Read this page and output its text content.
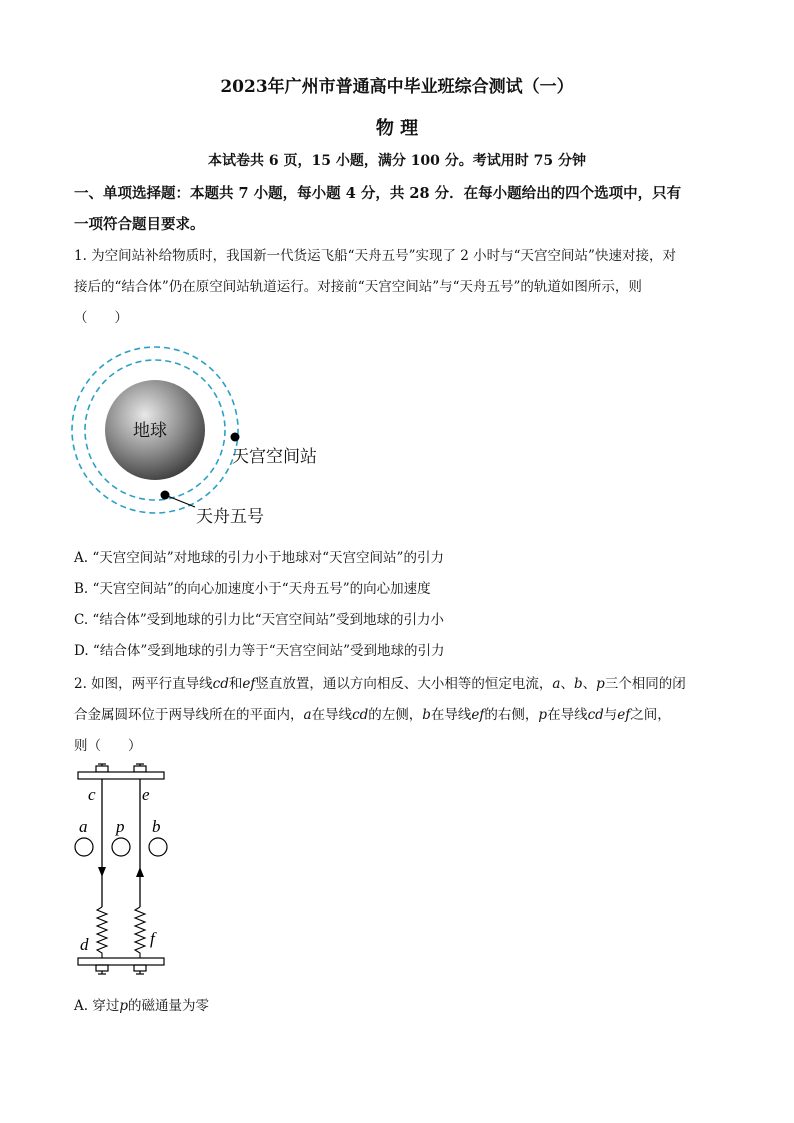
2023年广州市普通高中毕业班综合测试（一）
物 理
本试卷共 6 页，15 小题，满分 100 分。考试用时 75 分钟
一、单项选择题：本题共 7 小题，每小题 4 分，共 28 分．在每小题给出的四个选项中，只有
一项符合题目要求。
1. 为空间站补给物质时，我国新一代货运飞船“天舟五号”实现了 2 小时与“天宫空间站”快速对接，对
接后的“结合体”仍在原空间站轨道运行。对接前“天宫空间站”与“天舟五号”的轨道如图所示，则
（　　）
地球
天宫空间站
天舟五号
A. “天宫空间站”对地球的引力小于地球对“天宫空间站”的引力
B. “天宫空间站”的向心加速度小于“天舟五号”的向心加速度
C. “结合体”受到地球的引力比“天宫空间站”受到地球的引力小
D. “结合体”受到地球的引力等于“天宫空间站”受到地球的引力
2. 如图，两平行直导线cd和ef竖直放置，通以方向相反、大小相等的恒定电流，a、b、p三个相同的闭
合金属圆环位于两导线所在的平面内，a在导线cd的左侧，b在导线ef的右侧，p在导线cd与ef之间，
则（　　）
c	e
a p b
d	f
A. 穿过p的磁通量为零
